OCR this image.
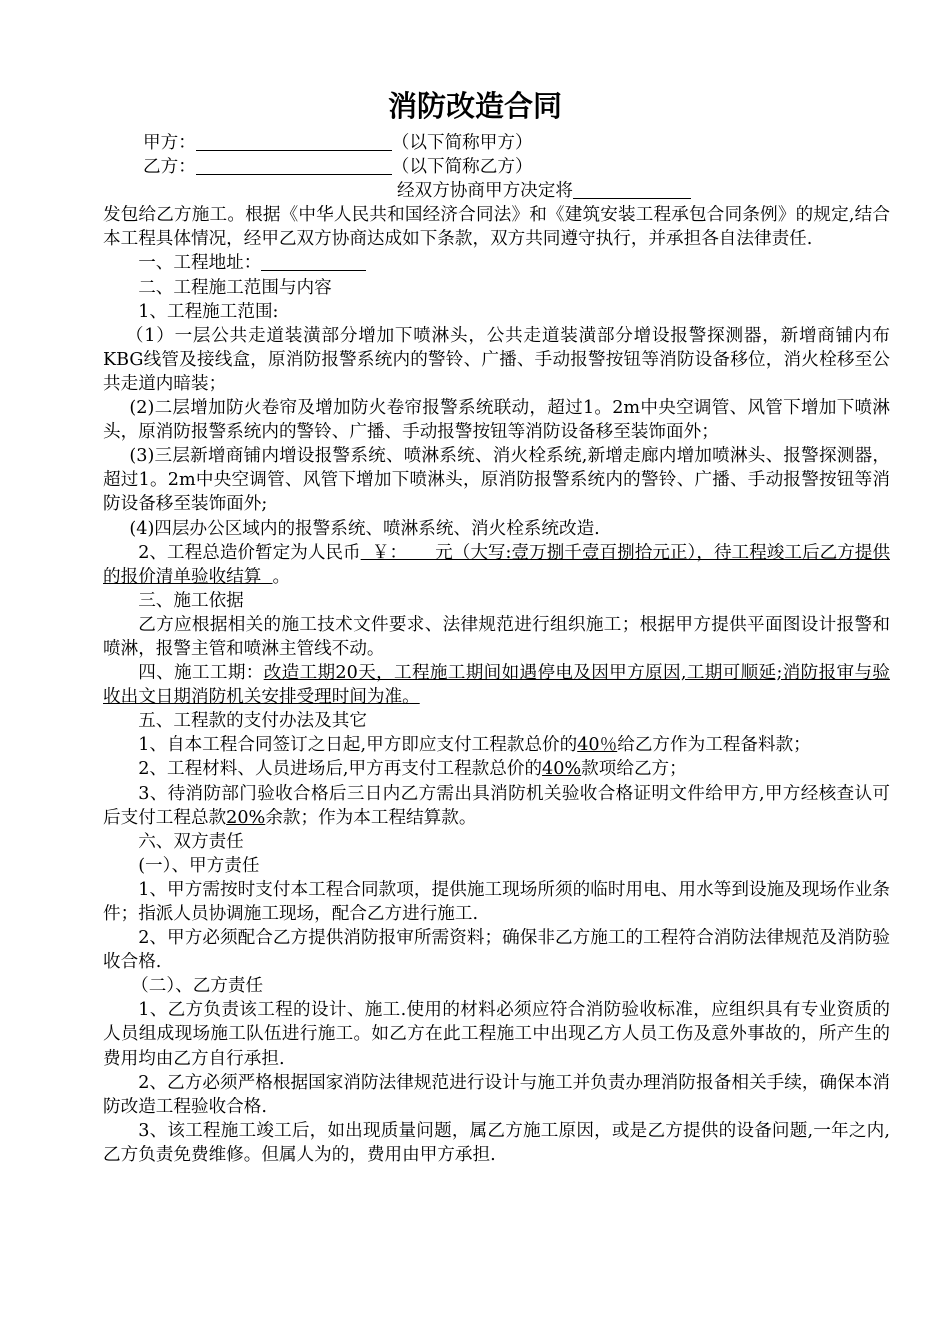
消防改造合同

甲方：	（以下简称甲方）

乙方：	（以下简称乙方）

经双方协商甲方决定将

发包给乙方施工。根据《中华人民共和国经济合同法》和《建筑安装工程承包合同条例》的规定,结合本工程具体情况，经甲乙双方协商达成如下条款，双方共同遵守执行，并承担各自法律责任.

一、工程地址：

二、工程施工范围与内容

1、工程施工范围:

（1）一层公共走道装潢部分增加下喷淋头，公共走道装潢部分增设报警探测器，新增商铺内布KBG线管及接线盒，原消防报警系统内的警铃、广播、手动报警按钮等消防设备移位，消火栓移至公共走道内暗装；

(2)二层增加防火卷帘及增加防火卷帘报警系统联动，超过1。2m中央空调管、风管下增加下喷淋头，原消防报警系统内的警铃、广播、手动报警按钮等消防设备移至装饰面外；

(3)三层新增商铺内增设报警系统、喷淋系统、消火栓系统,新增走廊内增加喷淋头、报警探测器，超过1。2m中央空调管、风管下增加下喷淋头，原消防报警系统内的警铃、广播、手动报警按钮等消防设备移至装饰面外;

(4)四层办公区域内的报警系统、喷淋系统、消火栓系统改造.

2、工程总造价暂定为人民币  ￥：     元（大写:壹万捌千壹百捌拾元正），待工程竣工后乙方提供的报价清单验收结算  。

三、施工依据

乙方应根据相关的施工技术文件要求、法律规范进行组织施工；根据甲方提供平面图设计报警和喷淋，报警主管和喷淋主管线不动。

四、施工工期：改造工期20天，工程施工期间如遇停电及因甲方原因,工期可顺延;消防报审与验收出文日期消防机关安排受理时间为准。

五、工程款的支付办法及其它

1、自本工程合同签订之日起,甲方即应支付工程款总价的40％给乙方作为工程备料款；

2、工程材料、人员进场后,甲方再支付工程款总价的40%款项给乙方；

3、待消防部门验收合格后三日内乙方需出具消防机关验收合格证明文件给甲方,甲方经核查认可后支付工程总款20%余款；作为本工程结算款。

六、双方责任

(一）、甲方责任

1、甲方需按时支付本工程合同款项，提供施工现场所须的临时用电、用水等到设施及现场作业条件；指派人员协调施工现场，配合乙方进行施工.

2、甲方必须配合乙方提供消防报审所需资料；确保非乙方施工的工程符合消防法律规范及消防验收合格.

（二）、乙方责任

1、乙方负责该工程的设计、施工.使用的材料必须应符合消防验收标准，应组织具有专业资质的人员组成现场施工队伍进行施工。如乙方在此工程施工中出现乙方人员工伤及意外事故的，所产生的费用均由乙方自行承担.

2、乙方必须严格根据国家消防法律规范进行设计与施工并负责办理消防报备相关手续，确保本消防改造工程验收合格.

3、该工程施工竣工后，如出现质量问题，属乙方施工原因，或是乙方提供的设备问题,一年之内,乙方负责免费维修。但属人为的，费用由甲方承担.
